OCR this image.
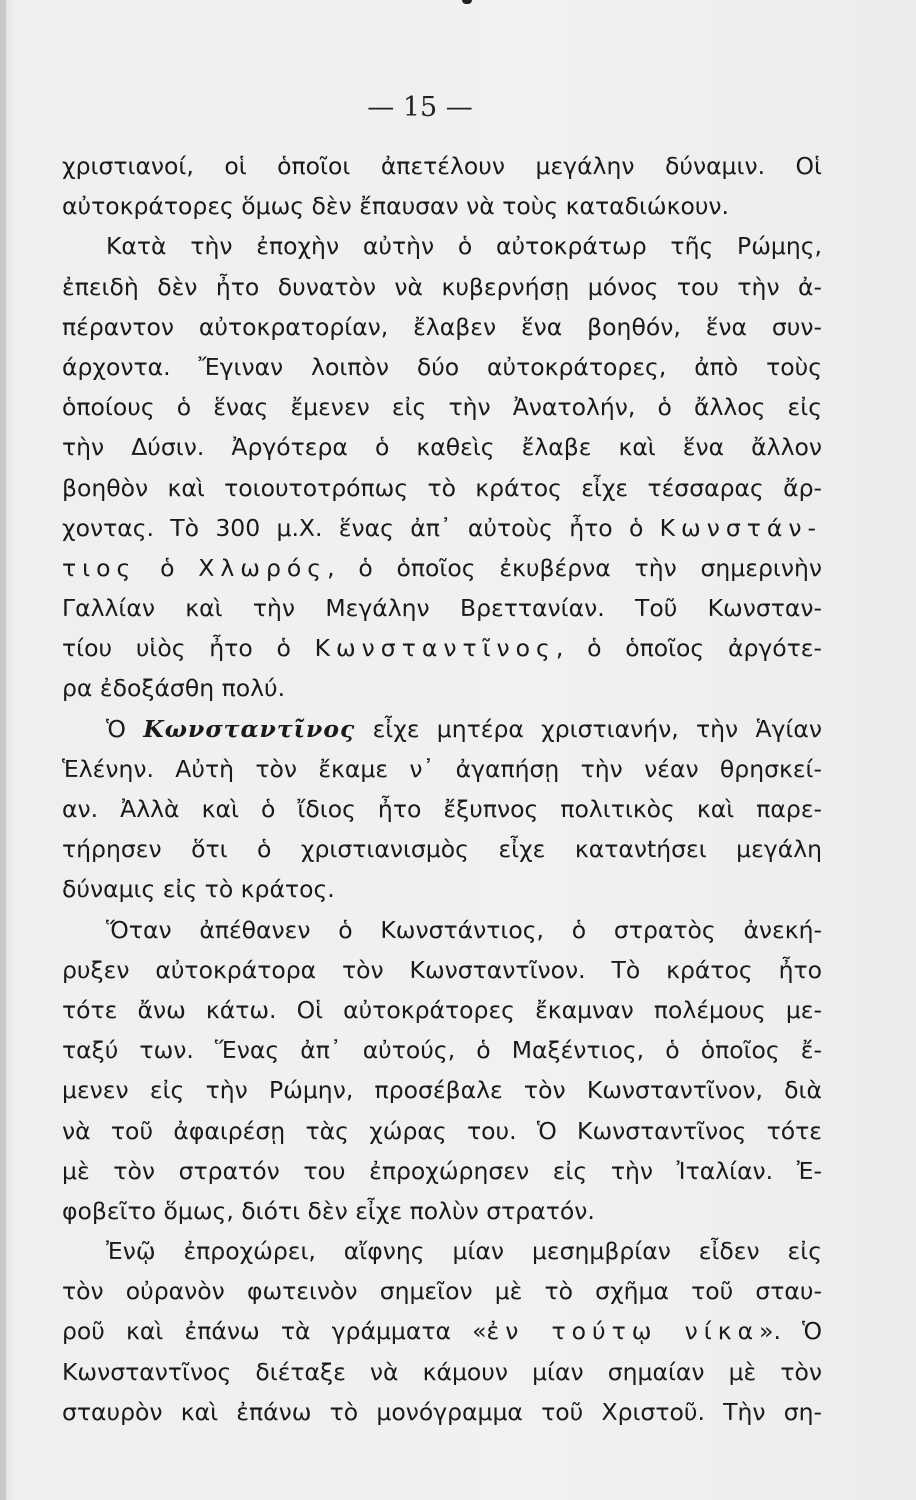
— 15 —
χριστιανοί, οἱ ὁποῖοι ἀπετέλουν μεγάλην δύναμιν. Οἱ
αὐτοκράτορες ὅμως δὲν ἔπαυσαν νὰ τοὺς καταδιώκουν.
Κατὰ τὴν ἐποχὴν αὐτὴν ὁ αὐτοκράτωρ τῆς Ρώμης,
ἐπειδὴ δὲν ἦτο δυνατὸν νὰ κυβερνήσῃ μόνος του τὴν ἀ-
πέραντον αὐτοκρατορίαν, ἔλαβεν ἕνα βοηθόν, ἕνα συν-
άρχοντα. Ἔγιναν λοιπὸν δύο αὐτοκράτορες, ἀπὸ τοὺς
ὁποίους ὁ ἕνας ἔμενεν εἰς τὴν Ἀνατολήν, ὁ ἄλλος εἰς
τὴν Δύσιν. Ἀργότερα ὁ καθεὶς ἔλαβε καὶ ἕνα ἄλλον
βοηθὸν καὶ τοιουτοτρόπως τὸ κράτος εἶχε τέσσαρας ἄρ-
χοντας. Τὸ 300 μ.Χ. ἕνας ἀπ᾿ αὐτοὺς ἦτο ὁ Κωνστάν-
τιος ὁ Χλωρός, ὁ ὁποῖος ἐκυβέρνα τὴν σημερινὴν
Γαλλίαν καὶ τὴν Μεγάλην Βρεττανίαν. Τοῦ Κωνσταν-
τίου υἱὸς ἦτο ὁ Κωνσταντῖνος, ὁ ὁποῖος ἀργότε-
ρα ἐδοξάσθη πολύ.
Ὁ Κωνσταντῖνος εἶχε μητέρα χριστιανήν, τὴν Ἁγίαν
Ἑλένην. Αὐτὴ τὸν ἔκαμε ν᾿ ἀγαπήσῃ τὴν νέαν θρησκεί-
αν. Ἀλλὰ καὶ ὁ ἴδιος ἦτο ἔξυπνος πολιτικὸς καὶ παρε-
τήρησεν ὅτι ὁ χριστιανισμὸς εἶχε κατανtήσει μεγάλη
δύναμις εἰς τὸ κράτος.
Ὅταν ἀπέθανεν ὁ Κωνστάντιος, ὁ στρατὸς ἀνεκή-
ρυξεν αὐτοκράτορα τὸν Κωνσταντῖνον. Τὸ κράτος ἦτο
τότε ἄνω κάτω. Οἱ αὐτοκράτορες ἔκαμναν πολέμους με-
ταξύ των. Ἕνας ἀπ᾿ αὐτούς, ὁ Μαξέντιος, ὁ ὁποῖος ἔ-
μενεν εἰς τὴν Ρώμην, προσέβαλε τὸν Κωνσταντῖνον, διὰ
νὰ τοῦ ἀφαιρέσῃ τὰς χώρας του. Ὁ Κωνσταντῖνος τότε
μὲ τὸν στρατόν του ἐπροχώρησεν εἰς τὴν Ἰταλίαν. Ἐ-
φοβεῖτο ὅμως, διότι δὲν εἶχε πολὺν στρατόν.
Ἐνῷ ἐπροχώρει, αἴφνης μίαν μεσημβρίαν εἶδεν εἰς
τὸν οὐρανὸν φωτεινὸν σημεῖον μὲ τὸ σχῆμα τοῦ σταυ-
ροῦ καὶ ἐπάνω τὰ γράμματα «ἐν τούτῳ νίκα». Ὁ
Κωνσταντῖνος διέταξε νὰ κάμουν μίαν σημαίαν μὲ τὸν
σταυρὸν καὶ ἐπάνω τὸ μονόγραμμα τοῦ Χριστοῦ. Τὴν ση-
